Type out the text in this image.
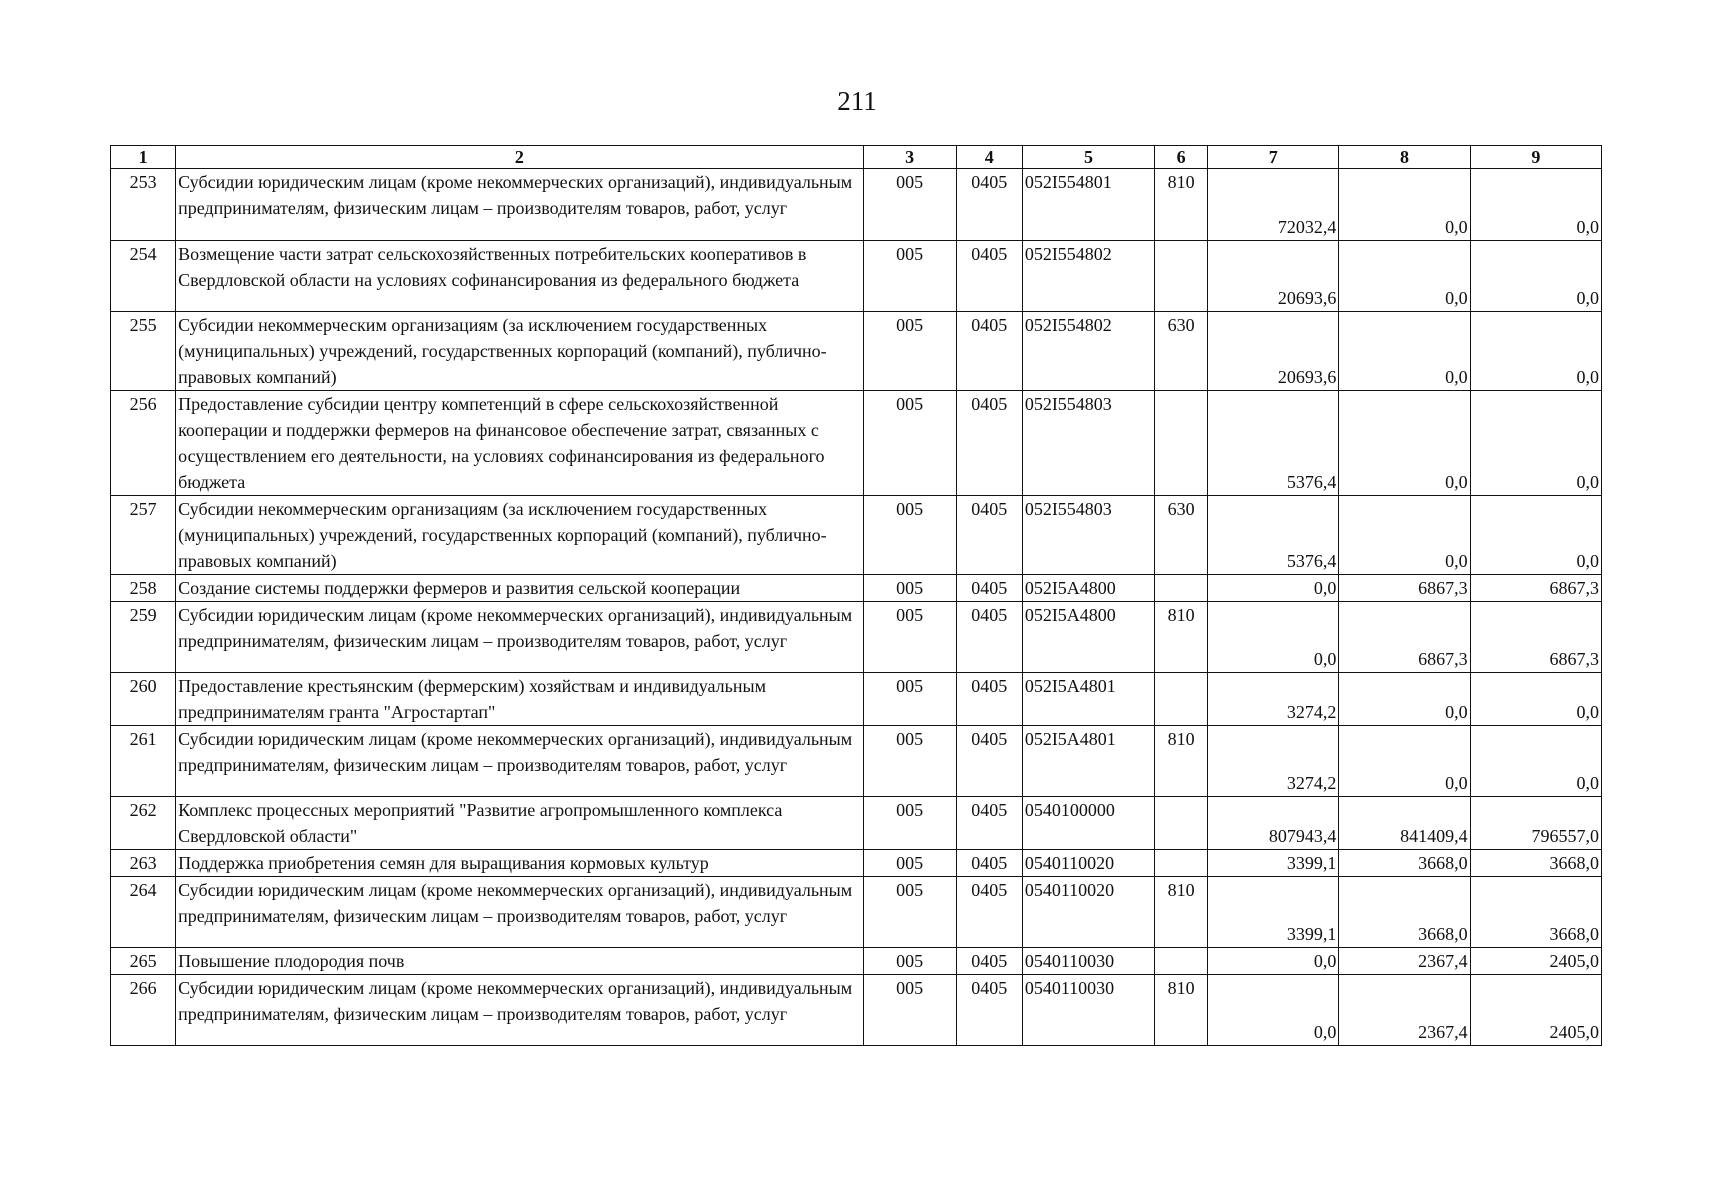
211
1	2	3	4	5	6	7	8	9
253	Субсидии юридическим лицам (кроме некоммерческих организаций), индивидуальным предпринимателям, физическим лицам – производителям товаров, работ, услуг	005	0405	052I554801	810	72032,4	0,0	0,0
254	Возмещение части затрат сельскохозяйственных потребительских кооперативов в Свердловской области на условиях софинансирования из федерального бюджета	005	0405	052I554802		20693,6	0,0	0,0
255	Субсидии некоммерческим организациям (за исключением государственных (муниципальных) учреждений, государственных корпораций (компаний), публично-правовых компаний)	005	0405	052I554802	630	20693,6	0,0	0,0
256	Предоставление субсидии центру компетенций в сфере сельскохозяйственной кооперации и поддержки фермеров на финансовое обеспечение затрат, связанных с осуществлением его деятельности, на условиях софинансирования из федерального бюджета	005	0405	052I554803		5376,4	0,0	0,0
257	Субсидии некоммерческим организациям (за исключением государственных (муниципальных) учреждений, государственных корпораций (компаний), публично-правовых компаний)	005	0405	052I554803	630	5376,4	0,0	0,0
258	Создание системы поддержки фермеров и развития сельской кооперации	005	0405	052I5A4800		0,0	6867,3	6867,3
259	Субсидии юридическим лицам (кроме некоммерческих организаций), индивидуальным предпринимателям, физическим лицам – производителям товаров, работ, услуг	005	0405	052I5A4800	810	0,0	6867,3	6867,3
260	Предоставление крестьянским (фермерским) хозяйствам и индивидуальным предпринимателям гранта "Агростартап"	005	0405	052I5A4801		3274,2	0,0	0,0
261	Субсидии юридическим лицам (кроме некоммерческих организаций), индивидуальным предпринимателям, физическим лицам – производителям товаров, работ, услуг	005	0405	052I5A4801	810	3274,2	0,0	0,0
262	Комплекс процессных мероприятий "Развитие агропромышленного комплекса Свердловской области"	005	0405	0540100000		807943,4	841409,4	796557,0
263	Поддержка приобретения семян для выращивания кормовых культур	005	0405	0540110020		3399,1	3668,0	3668,0
264	Субсидии юридическим лицам (кроме некоммерческих организаций), индивидуальным предпринимателям, физическим лицам – производителям товаров, работ, услуг	005	0405	0540110020	810	3399,1	3668,0	3668,0
265	Повышение плодородия почв	005	0405	0540110030		0,0	2367,4	2405,0
266	Субсидии юридическим лицам (кроме некоммерческих организаций), индивидуальным предпринимателям, физическим лицам – производителям товаров, работ, услуг	005	0405	0540110030	810	0,0	2367,4	2405,0
